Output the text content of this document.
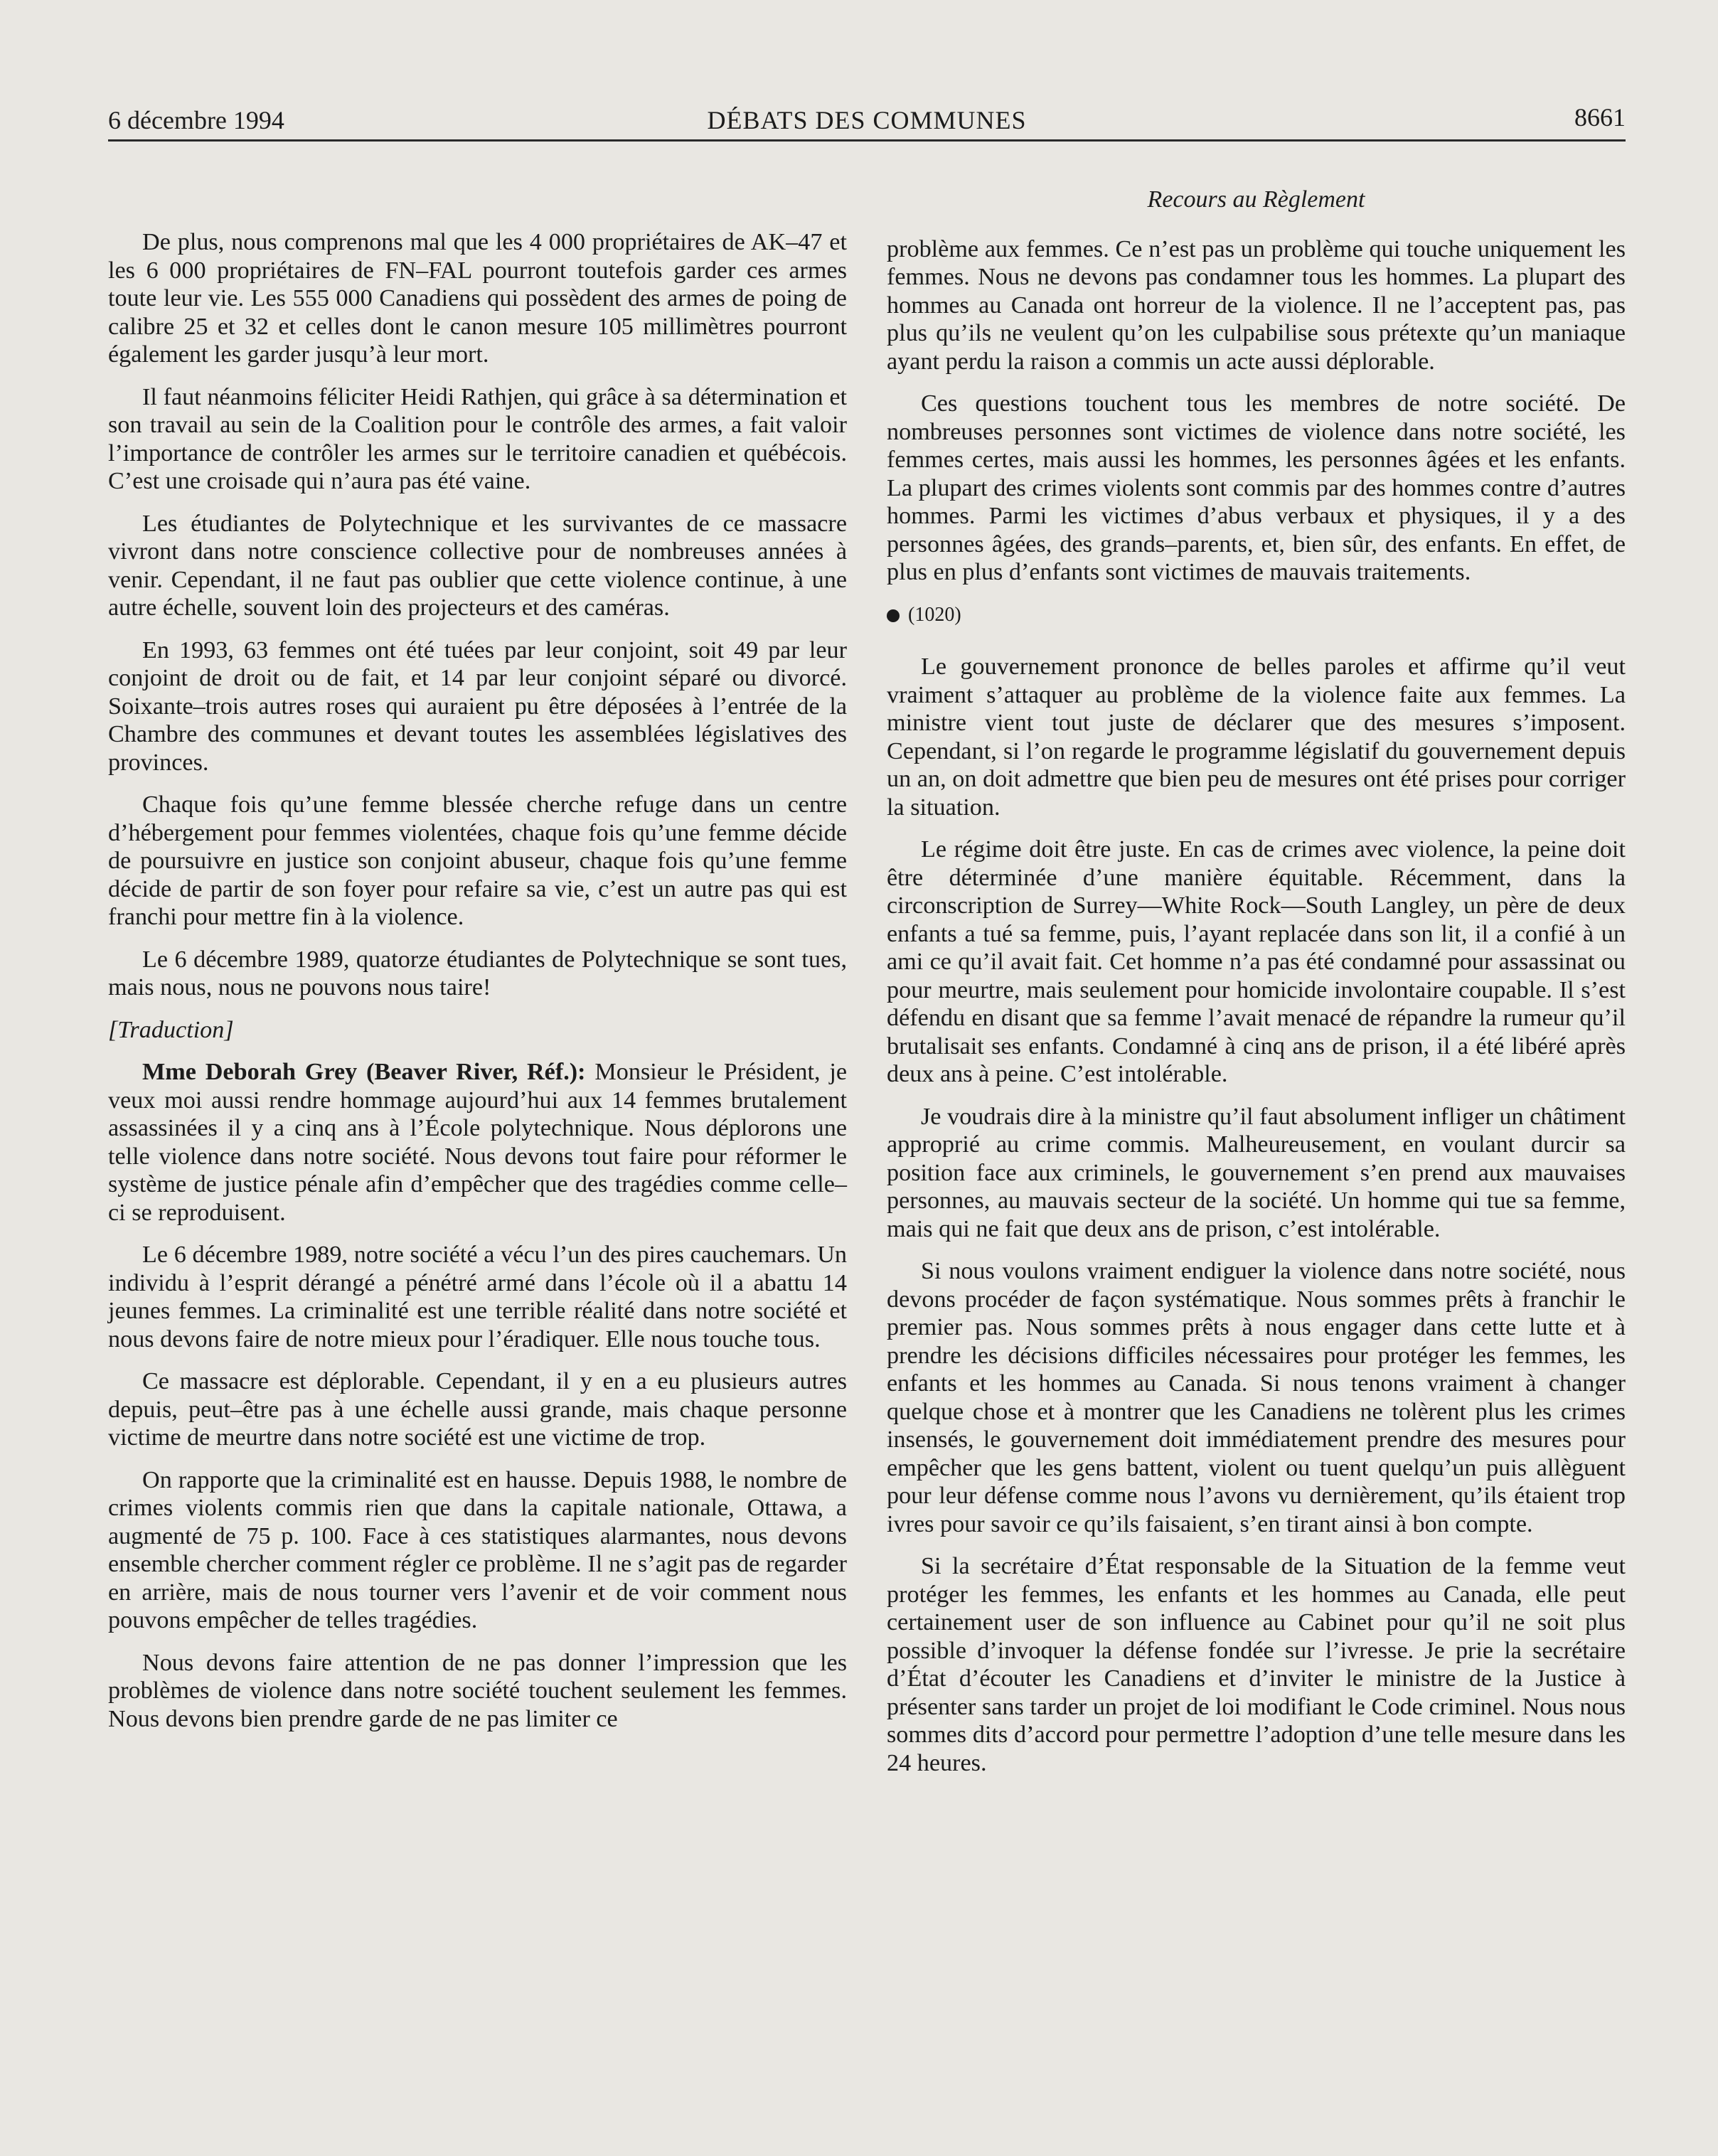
6 décembre 1994	DÉBATS DES COMMUNES	8661

De plus, nous comprenons mal que les 4 000 propriétaires de AK–47 et les 6 000 propriétaires de FN–FAL pourront toutefois garder ces armes toute leur vie. Les 555 000 Canadiens qui possèdent des armes de poing de calibre 25 et 32 et celles dont le canon mesure 105 millimètres pourront également les garder jusqu’à leur mort.

Il faut néanmoins féliciter Heidi Rathjen, qui grâce à sa détermination et son travail au sein de la Coalition pour le contrôle des armes, a fait valoir l’importance de contrôler les armes sur le territoire canadien et québécois. C’est une croisade qui n’aura pas été vaine.

Les étudiantes de Polytechnique et les survivantes de ce massacre vivront dans notre conscience collective pour de nombreuses années à venir. Cependant, il ne faut pas oublier que cette violence continue, à une autre échelle, souvent loin des projecteurs et des caméras.

En 1993, 63 femmes ont été tuées par leur conjoint, soit 49 par leur conjoint de droit ou de fait, et 14 par leur conjoint séparé ou divorcé. Soixante–trois autres roses qui auraient pu être déposées à l’entrée de la Chambre des communes et devant toutes les assemblées législatives des provinces.

Chaque fois qu’une femme blessée cherche refuge dans un centre d’hébergement pour femmes violentées, chaque fois qu’une femme décide de poursuivre en justice son conjoint abuseur, chaque fois qu’une femme décide de partir de son foyer pour refaire sa vie, c’est un autre pas qui est franchi pour mettre fin à la violence.

Le 6 décembre 1989, quatorze étudiantes de Polytechnique se sont tues, mais nous, nous ne pouvons nous taire!

[Traduction]

Mme Deborah Grey (Beaver River, Réf.): Monsieur le Président, je veux moi aussi rendre hommage aujourd’hui aux 14 femmes brutalement assassinées il y a cinq ans à l’École polytechnique. Nous déplorons une telle violence dans notre société. Nous devons tout faire pour réformer le système de justice pénale afin d’empêcher que des tragédies comme celle–ci se reproduisent.

Le 6 décembre 1989, notre société a vécu l’un des pires cauchemars. Un individu à l’esprit dérangé a pénétré armé dans l’école où il a abattu 14 jeunes femmes. La criminalité est une terrible réalité dans notre société et nous devons faire de notre mieux pour l’éradiquer. Elle nous touche tous.

Ce massacre est déplorable. Cependant, il y en a eu plusieurs autres depuis, peut–être pas à une échelle aussi grande, mais chaque personne victime de meurtre dans notre société est une victime de trop.

On rapporte que la criminalité est en hausse. Depuis 1988, le nombre de crimes violents commis rien que dans la capitale nationale, Ottawa, a augmenté de 75 p. 100. Face à ces statistiques alarmantes, nous devons ensemble chercher comment régler ce problème. Il ne s’agit pas de regarder en arrière, mais de nous tourner vers l’avenir et de voir comment nous pouvons empêcher de telles tragédies.

Nous devons faire attention de ne pas donner l’impression que les problèmes de violence dans notre société touchent seulement les femmes. Nous devons bien prendre garde de ne pas limiter ce

Recours au Règlement

problème aux femmes. Ce n’est pas un problème qui touche uniquement les femmes. Nous ne devons pas condamner tous les hommes. La plupart des hommes au Canada ont horreur de la violence. Il ne l’acceptent pas, pas plus qu’ils ne veulent qu’on les culpabilise sous prétexte qu’un maniaque ayant perdu la raison a commis un acte aussi déplorable.

Ces questions touchent tous les membres de notre société. De nombreuses personnes sont victimes de violence dans notre société, les femmes certes, mais aussi les hommes, les personnes âgées et les enfants. La plupart des crimes violents sont commis par des hommes contre d’autres hommes. Parmi les victimes d’abus verbaux et physiques, il y a des personnes âgées, des grands–parents, et, bien sûr, des enfants. En effet, de plus en plus d’enfants sont victimes de mauvais traitements.

(1020)

Le gouvernement prononce de belles paroles et affirme qu’il veut vraiment s’attaquer au problème de la violence faite aux femmes. La ministre vient tout juste de déclarer que des mesures s’imposent. Cependant, si l’on regarde le programme législatif du gouvernement depuis un an, on doit admettre que bien peu de mesures ont été prises pour corriger la situation.

Le régime doit être juste. En cas de crimes avec violence, la peine doit être déterminée d’une manière équitable. Récemment, dans la circonscription de Surrey—White Rock—South Langley, un père de deux enfants a tué sa femme, puis, l’ayant replacée dans son lit, il a confié à un ami ce qu’il avait fait. Cet homme n’a pas été condamné pour assassinat ou pour meurtre, mais seulement pour homicide involontaire coupable. Il s’est défendu en disant que sa femme l’avait menacé de répandre la rumeur qu’il brutalisait ses enfants. Condamné à cinq ans de prison, il a été libéré après deux ans à peine. C’est intolérable.

Je voudrais dire à la ministre qu’il faut absolument infliger un châtiment approprié au crime commis. Malheureusement, en voulant durcir sa position face aux criminels, le gouvernement s’en prend aux mauvaises personnes, au mauvais secteur de la société. Un homme qui tue sa femme, mais qui ne fait que deux ans de prison, c’est intolérable.

Si nous voulons vraiment endiguer la violence dans notre société, nous devons procéder de façon systématique. Nous sommes prêts à franchir le premier pas. Nous sommes prêts à nous engager dans cette lutte et à prendre les décisions difficiles nécessaires pour protéger les femmes, les enfants et les hommes au Canada. Si nous tenons vraiment à changer quelque chose et à montrer que les Canadiens ne tolèrent plus les crimes insensés, le gouvernement doit immédiatement prendre des mesures pour empêcher que les gens battent, violent ou tuent quelqu’un puis allèguent pour leur défense comme nous l’avons vu dernièrement, qu’ils étaient trop ivres pour savoir ce qu’ils faisaient, s’en tirant ainsi à bon compte.

Si la secrétaire d’État responsable de la Situation de la femme veut protéger les femmes, les enfants et les hommes au Canada, elle peut certainement user de son influence au Cabinet pour qu’il ne soit plus possible d’invoquer la défense fondée sur l’ivresse. Je prie la secrétaire d’État d’écouter les Canadiens et d’inviter le ministre de la Justice à présenter sans tarder un projet de loi modifiant le Code criminel. Nous nous sommes dits d’accord pour permettre l’adoption d’une telle mesure dans les 24 heures.
